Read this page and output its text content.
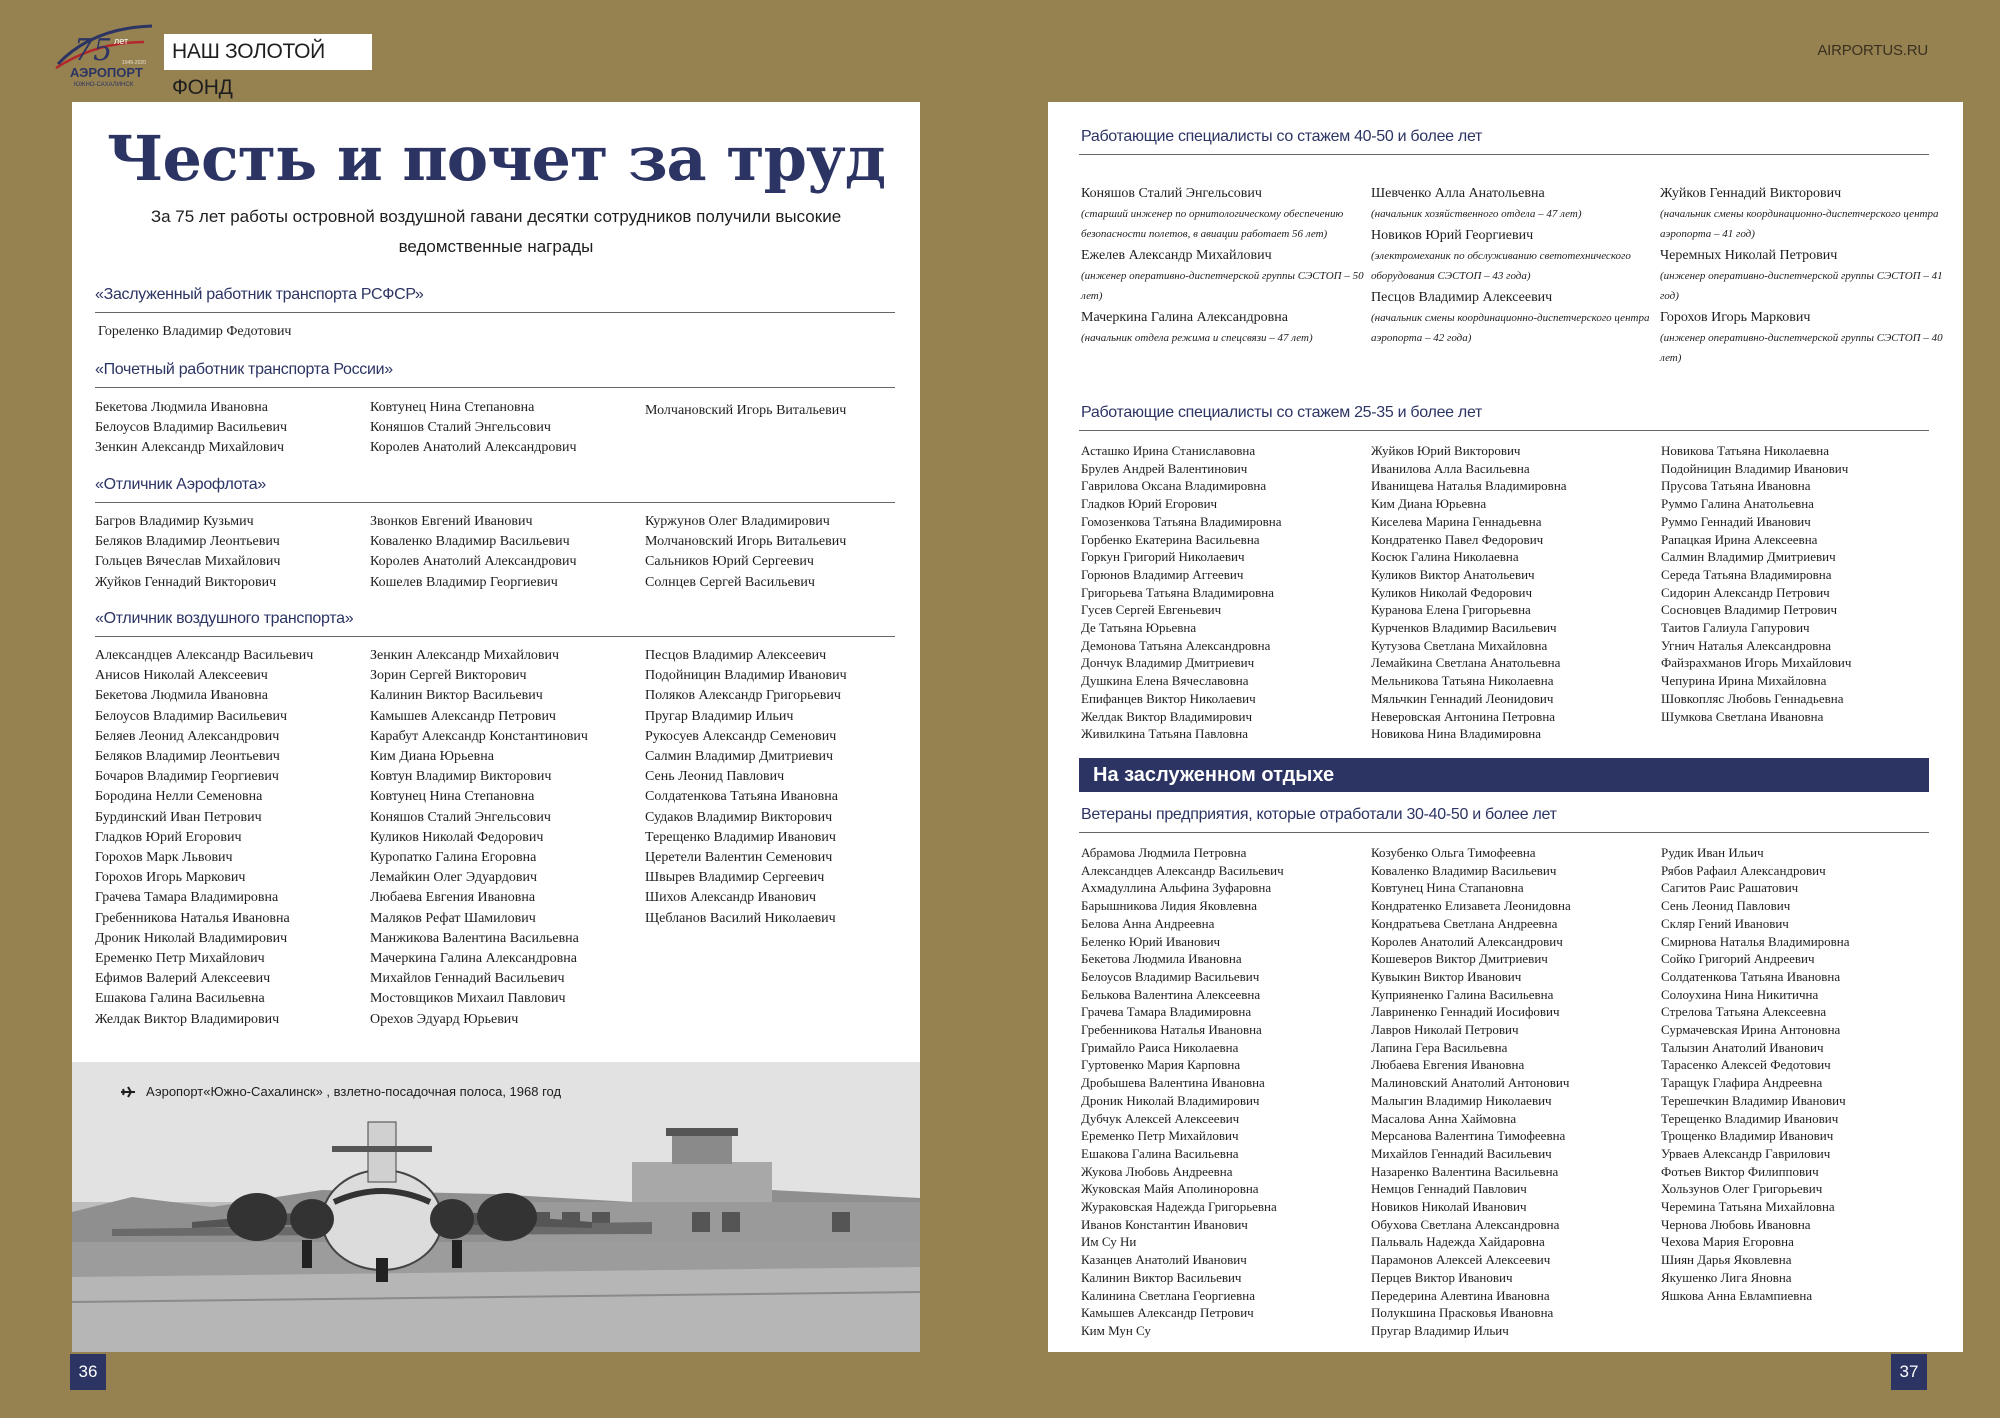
75 лет
1945-2020
АЭРОПОРТ
ЮЖНО-САХАЛИНСК
НАШ ЗОЛОТОЙ ФОНД
AIRPORTUS.RU
Честь и почет за труд

За 75 лет работы островной воздушной гавани десятки сотрудников получили высокие ведомственные награды

«Заслуженный работник транспорта РСФСР»
Гореленко Владимир Федотович
«Почетный работник транспорта России»
Бекетова Людмила Ивановна
Белоусов Владимир Васильевич
Зенкин Александр Михайлович
Ковтунец Нина Степановна
Коняшов Сталий Энгельсович
Королев Анатолий Александрович
Молчановский Игорь Витальевич
«Отличник Аэрофлота»
Багров Владимир Кузьмич
Беляков Владимир Леонтьевич
Гольцев Вячеслав Михайлович
Жуйков Геннадий Викторович
Звонков Евгений Иванович
Коваленко Владимир Васильевич
Королев Анатолий Александрович
Кошелев Владимир Георгиевич
Куржунов Олег Владимирович
Молчановский Игорь Витальевич
Сальников Юрий Сергеевич
Солнцев Сергей Васильевич
«Отличник воздушного транспорта»
Александцев Александр Васильевич
Анисов Николай Алексеевич
Бекетова Людмила Ивановна
Белоусов Владимир Васильевич
Беляев Леонид Александрович
Беляков Владимир Леонтьевич
Бочаров Владимир Георгиевич
Бородина Нелли Семеновна
Бурдинский Иван Петрович
Гладков Юрий Егорович
Горохов Марк Львович
Горохов Игорь Маркович
Грачева Тамара Владимировна
Гребенникова Наталья Ивановна
Дроник Николай Владимирович
Еременко Петр Михайлович
Ефимов Валерий Алексеевич
Ешакова Галина Васильевна
Желдак Виктор Владимирович
Зенкин Александр Михайлович
Зорин Сергей Викторович
Калинин Виктор Васильевич
Камышев Александр Петрович
Карабут Александр Константинович
Ким Диана Юрьевна
Ковтун Владимир Викторович
Ковтунец Нина Степановна
Коняшов Сталий Энгельсович
Куликов Николай Федорович
Куропатко Галина Егоровна
Лемайкин Олег Эдуардович
Любаева Евгения Ивановна
Маляков Рефат Шамилович
Манжикова Валентина Васильевна
Мачеркина Галина Александровна
Михайлов Геннадий Васильевич
Мостовщиков Михаил Павлович
Орехов Эдуард Юрьевич
Песцов Владимир Алексеевич
Подойницин Владимир Иванович
Поляков Александр Григорьевич
Пругар Владимир Ильич
Рукосуев Александр Семенович
Салмин Владимир Дмитриевич
Сень Леонид Павлович
Солдатенкова Татьяна Ивановна
Судаков Владимир Викторович
Терещенко Владимир Иванович
Церетели Валентин Семенович
Швырев Владимир Сергеевич
Шихов Александр Иванович
Щебланов Василий Николаевич
Аэропорт«Южно-Сахалинск» , взлетно-посадочная полоса, 1968 год
Работающие специалисты со стажем 40-50 и более лет
Коняшов Сталий Энгельсович
(старший инженер по орнитологическому обеспечению безопасности полетов, в авиации работает 56 лет)
Ежелев Александр Михайлович
(инженер оперативно-диспетчерской группы СЭСТОП – 50 лет)
Мачеркина Галина Александровна
(начальник отдела режима и спецсвязи – 47 лет)
Шевченко Алла Анатольевна
(начальник хозяйственного отдела – 47 лет)
Новиков Юрий Георгиевич
(электромеханик по обслуживанию светотехнического оборудования СЭСТОП – 43 года)
Песцов Владимир Алексеевич
(начальник смены координационно-диспетчерского центра аэропорта – 42 года)
Жуйков Геннадий Викторович
(начальник смены координационно-диспетчерского центра аэропорта – 41 год)
Черемных Николай Петрович
(инженер оперативно-диспетчерской группы СЭСТОП – 41 год)
Горохов Игорь Маркович
(инженер оперативно-диспетчерской группы СЭСТОП – 40 лет)
Работающие специалисты со стажем 25-35 и более лет
Асташко Ирина Станиславовна
Брулев Андрей Валентинович
Гаврилова Оксана Владимировна
Гладков Юрий Егорович
Гомозенкова Татьяна Владимировна
Горбенко Екатерина Васильевна
Горкун Григорий Николаевич
Горюнов Владимир Аггеевич
Григорьева Татьяна Владимировна
Гусев Сергей Евгеньевич
Де Татьяна Юрьевна
Демонова Татьяна Александровна
Дончук Владимир Дмитриевич
Душкина Елена Вячеславовна
Епифанцев Виктор Николаевич
Желдак Виктор Владимирович
Живилкина Татьяна Павловна
Жуйков Юрий Викторович
Иванилова Алла Васильевна
Иванищева Наталья Владимировна
Ким Диана Юрьевна
Киселева Марина Геннадьевна
Кондратенко Павел Федорович
Косюк Галина Николаевна
Куликов Виктор Анатольевич
Куликов Николай Федорович
Куранова Елена Григорьевна
Курченков Владимир Васильевич
Кутузова Светлана Михайловна
Лемайкина Светлана Анатольевна
Мельникова Татьяна Николаевна
Мяльчкин Геннадий Леонидович
Неверовская Антонина Петровна
Новикова Нина Владимировна
Новикова Татьяна Николаевна
Подойницин Владимир Иванович
Прусова Татьяна Ивановна
Руммо Галина Анатольевна
Руммо Геннадий Иванович
Рапацкая Ирина Алексеевна
Салмин Владимир Дмитриевич
Середа Татьяна Владимировна
Сидорин Александр Петрович
Сосновцев Владимир Петрович
Таитов Галиула Гапурович
Угнич Наталья Александровна
Файзрахманов Игорь Михайлович
Чепурина Ирина Михайловна
Шовкопляс Любовь Геннадьевна
Шумкова Светлана Ивановна
На заслуженном отдыхе
Ветераны предприятия, которые отработали 30-40-50 и более лет
Абрамова Людмила Петровна
Александцев Александр Васильевич
Ахмадуллина Альфина Зуфаровна
Барышникова Лидия Яковлевна
Белова Анна Андреевна
Беленко Юрий Иванович
Бекетова Людмила Ивановна
Белоусов Владимир Васильевич
Белькова Валентина Алексеевна
Грачева Тамара Владимировна
Гребенникова Наталья Ивановна
Гримайло Раиса Николаевна
Гуртовенко Мария Карповна
Дробышева Валентина Ивановна
Дроник Николай Владимирович
Дубчук Алексей Алексеевич
Еременко Петр Михайлович
Ешакова Галина Васильевна
Жукова Любовь Андреевна
Жуковская Майя Аполиноровна
Жураковская Надежда Григорьевна
Иванов Константин Иванович
Им Су Ни
Казанцев Анатолий Иванович
Калинин Виктор Васильевич
Калинина Светлана Георгиевна
Камышев Александр Петрович
Ким Мун Су
Козубенко Ольга Тимофеевна
Коваленко Владимир Васильевич
Ковтунец Нина Стапановна
Кондратенко Елизавета Леонидовна
Кондратьева Светлана Андреевна
Королев Анатолий Александрович
Кошеверов Виктор Дмитриевич
Кувыкин Виктор Иванович
Куприяненко Галина Васильевна
Лавриненко Геннадий Иосифович
Лавров Николай Петрович
Лапина Гера Васильевна
Любаева Евгения Ивановна
Малиновский Анатолий Антонович
Малыгин Владимир Николаевич
Масалова Анна Хаймовна
Мерсанова Валентина Тимофеевна
Михайлов Геннадий Васильевич
Назаренко Валентина Васильевна
Немцов Геннадий Павлович
Новиков Николай Иванович
Обухова Светлана Александровна
Пальваль Надежда Хайдаровна
Парамонов Алексей Алексеевич
Перцев Виктор Иванович
Передерина Алевтина Ивановна
Полукшина Прасковья Ивановна
Пругар Владимир Ильич
Рудик Иван Ильич
Рябов Рафаил Александрович
Сагитов Раис Рашатович
Сень Леонид Павлович
Скляр Гений Иванович
Смирнова Наталья Владимировна
Сойко Григорий Андреевич
Солдатенкова Татьяна Ивановна
Солоухина Нина Никитична
Стрелова Татьяна Алексеевна
Сурмачевская Ирина Антоновна
Талызин Анатолий Иванович
Тарасенко Алексей Федотович
Таращук Глафира Андреевна
Терешечкин Владимир Иванович
Терещенко Владимир Иванович
Трощенко Владимир Иванович
Урваев Александр Гаврилович
Фотьев Виктор Филиппович
Хользунов Олег Григорьевич
Черемина Татьяна Михайловна
Чернова Любовь Ивановна
Чехова Мария Егоровна
Шиян Дарья Яковлевна
Якушенко Лига Яновна
Яшкова Анна Евлампиевна
36	37
